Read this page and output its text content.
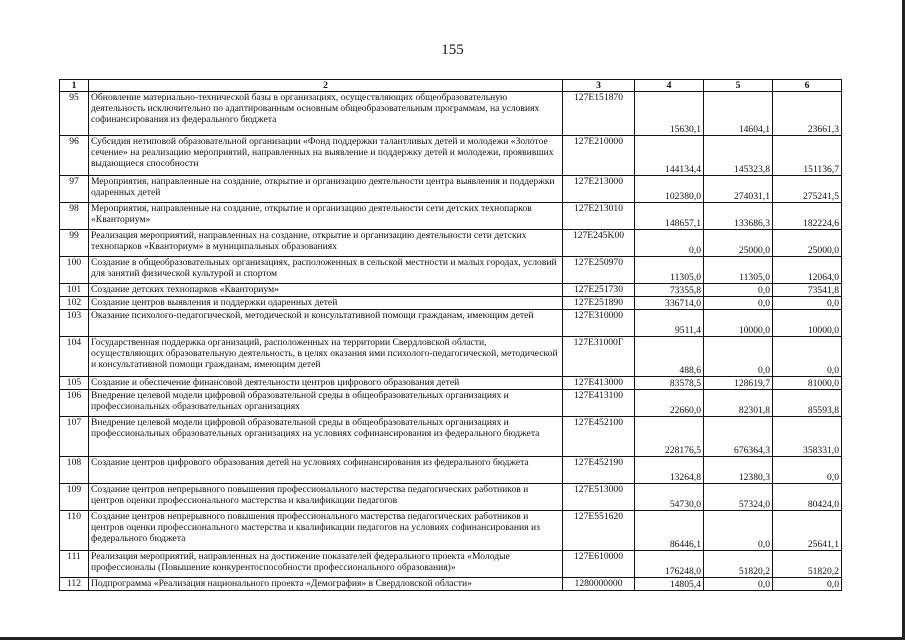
155
1	2	3	4	5	6
95	Обновление материально-технической базы в организациях, осуществляющих общеобразовательную деятельность исключительно по адаптированным основным общеобразовательным программам, на условиях софинансирования из федерального бюджета	127E151870	15630,1	14604,1	23661,3
96	Субсидия нетиповой образовательной организации «Фонд поддержки талантливых детей и молодежи «Золотое сечение» на реализацию мероприятий, направленных на выявление и поддержку детей и молодежи, проявивших выдающиеся способности	127E210000	144134,4	145323,8	151136,7
97	Мероприятия, направленные на создание, открытие и организацию деятельности центра выявления и поддержки одаренных детей	127E213000	102380,0	274031,1	275241,5
98	Мероприятия, направленные на создание, открытие и организацию деятельности сети детских технопарков «Кванториум»	127E213010	148657,1	133686,3	182224,6
99	Реализация мероприятий, направленных на создание, открытие и организацию деятельности сети детских технопарков «Кванториум» в муниципальных образованиях	127E245K00	0,0	25000,0	25000,0
100	Создание в общеобразовательных организациях, расположенных в сельской местности и малых городах, условий для занятий физической культурой и спортом	127E250970	11305,0	11305,0	12064,0
101	Создание детских технопарков «Кванториум»	127E251730	73355,8	0,0	73541,8
102	Создание центров выявления и поддержки одаренных детей	127E251890	336714,0	0,0	0,0
103	Оказание психолого-педагогической, методической и консультативной помощи гражданам, имеющим детей	127E310000	9511,4	10000,0	10000,0
104	Государственная поддержка организаций, расположенных на территории Свердловской области, осуществляющих образовательную деятельность, в целях оказания ими психолого-педагогической, методической и консультативной помощи гражданам, имеющим детей	127E31000Г	488,6	0,0	0,0
105	Создание и обеспечение финансовой деятельности центров цифрового образования детей	127E413000	83578,5	128619,7	81000,0
106	Внедрение целевой модели цифровой образовательной среды в общеобразовательных организациях и профессиональных образовательных организациях	127E413100	22660,0	82301,8	85593,8
107	Внедрение целевой модели цифровой образовательной среды в общеобразовательных организациях и профессиональных образовательных организациях на условиях софинансирования из федерального бюджета	127E452100	228176,5	676364,3	358331,0
108	Создание центров цифрового образования детей на условиях софинансирования из федерального бюджета	127E452190	13264,8	12380,3	0,0
109	Создание центров непрерывного повышения профессионального мастерства педагогических работников и центров оценки профессионального мастерства и квалификации педагогов	127E513000	54730,0	57324,0	80424,0
110	Создание центров непрерывного повышения профессионального мастерства педагогических работников и центров оценки профессионального мастерства и квалификации педагогов на условиях софинансирования из федерального бюджета	127E551620	86446,1	0,0	25641,1
111	Реализация мероприятий, направленных на достижение показателей федерального проекта «Молодые профессионалы (Повышение конкурентоспособности профессионального образования)»	127E610000	176248,0	51820,2	51820,2
112	Подпрограмма «Реализация национального проекта «Демография» в Свердловской области»	1280000000	14805,4	0,0	0,0
